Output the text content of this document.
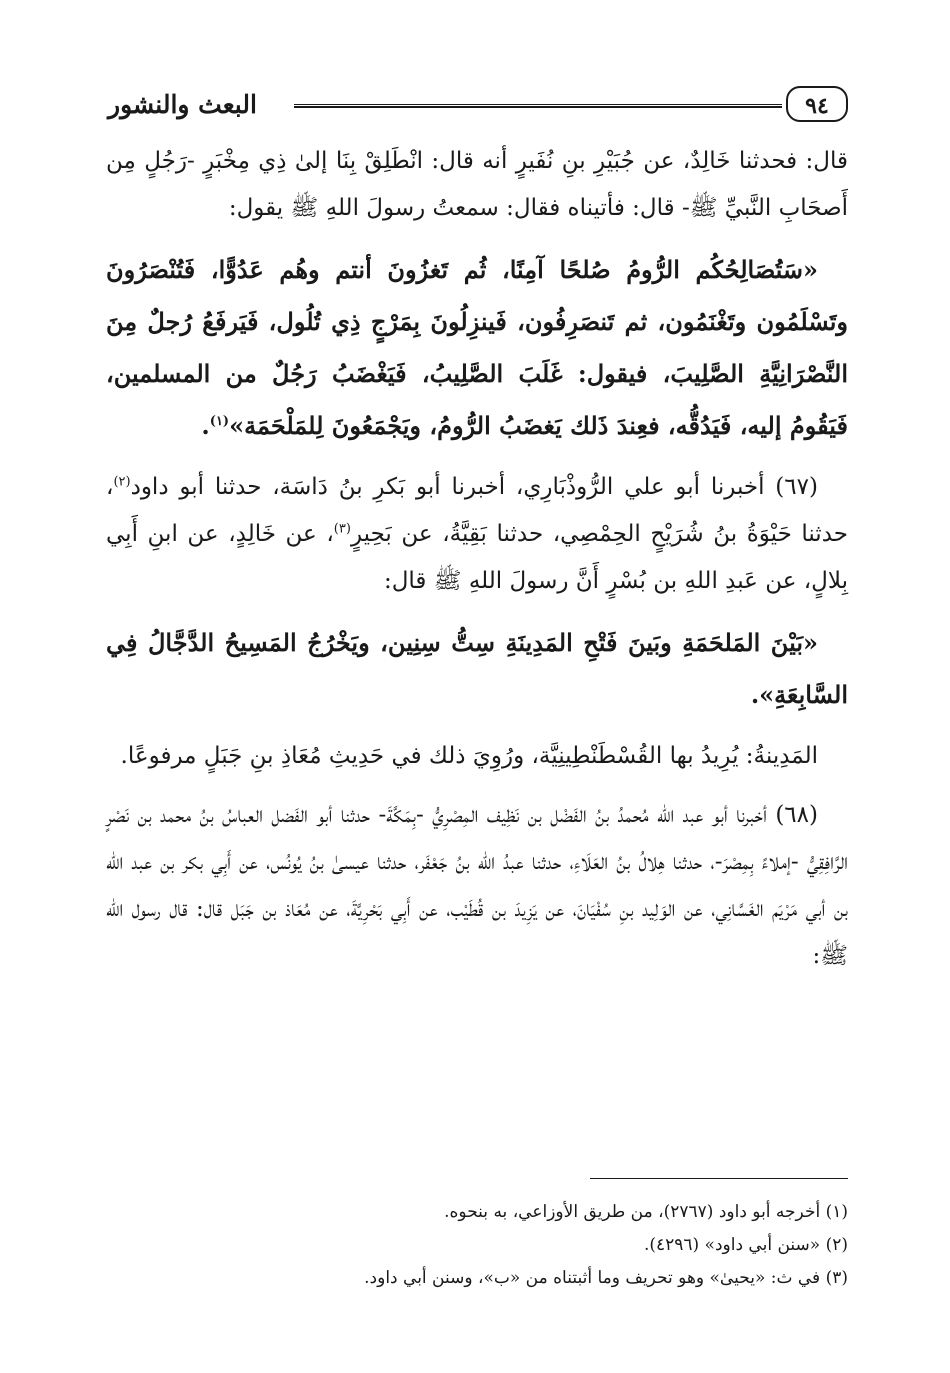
٩٤
البعث والنشور

قال: فحدثنا خَالِدٌ، عن جُبَيْرِ بنِ نُفَيرٍ أنه قال: انْطَلِقْ بِنَا إلىٰ ذِي مِخْبَرٍ -رَجُلٍ مِن أَصحَابِ النَّبيِّ ﷺ- قال: فأتيناه فقال: سمعتُ رسولَ اللهِ ﷺ يقول:

«سَتُصَالِحُكُم الرُّومُ صُلحًا آمِنًا، ثُم تَغزُونَ أنتم وهُم عَدُوًّا، فَتُنْصَرُونَ وتَسْلَمُون وتَغْنَمُون، ثم تَنصَرِفُون، فَينزِلُونَ بِمَرْجٍ ذِي تُلُول، فَيَرفَعُ رُجلٌ مِنَ النَّصْرَانِيَّةِ الصَّلِيبَ، فيقول: غَلَبَ الصَّلِيبُ، فَيَغْضَبُ رَجُلٌ من المسلمين، فَيَقُومُ إليه، فَيَدُقُّه، فعِندَ ذَلك يَغضَبُ الرُّومُ، ويَجْمَعُونَ لِلمَلْحَمَة»$^{(١)}$.

(٦٧) أخبرنا أبو علي الرُّوذْبَارِي، أخبرنا أبو بَكرِ بنُ دَاسَة، حدثنا أبو داود$^{(٢)}$، حدثنا حَيْوَةُ بنُ شُرَيْحٍ الحِمْصِي، حدثنا بَقِيَّةُ، عن بَحِيرٍ$^{(٣)}$، عن خَالِدٍ، عن ابنِ أَبِي بِلالٍ، عن عَبدِ اللهِ بن بُسْرٍ أَنَّ رسولَ اللهِ ﷺ قال:

«بَيْنَ المَلحَمَةِ وبَينَ فَتْحِ المَدِينَةِ سِتُّ سِنِين، ويَخْرُجُ المَسِيحُ الدَّجَّالُ فِي السَّابِعَةِ».

المَدِينةُ: يُرِيدُ بها القُسْطَنْطِينِيَّة، ورُوِيَ ذلك في حَدِيثِ مُعَاذِ بنِ جَبَلٍ مرفوعًا.

(٦٨) أخبرنا أبو عبد الله مُحمدُ بنُ الفَضْل بن نَظِيف المِصْرِيُّ -بِمَكَّةَ- حدثنا أبو الفَضل العباسُ بنُ محمد بن نَصْرٍ الرَّافِقِيُّ -إملاءً بِمِصْرَ-، حدثنا هِلالُ بنُ العَلَاءِ، حدثنا عبدُ الله بنُ جَعْفَر، حدثنا عيسىٰ بنُ يُونُس، عن أَبِي بكر بن عبد الله بن أبي مَرْيَم الغَسَّانِي، عن الوَلِيد بنِ سُفْيَانَ، عن يَزِيدَ بن قُطَيْب، عن أَبِي بَحْرِيَّةَ، عن مُعَاذ بن جَبَل قال: قال رسول الله ﷺ:

(١) أخرجه أبو داود (٢٧٦٧)، من طريق الأوزاعي، به بنحوه.

(٢) «سنن أبي داود» (٤٢٩٦).

(٣) في ث: «يحيىٰ» وهو تحريف وما أثبتناه من «ب»، وسنن أبي داود.
